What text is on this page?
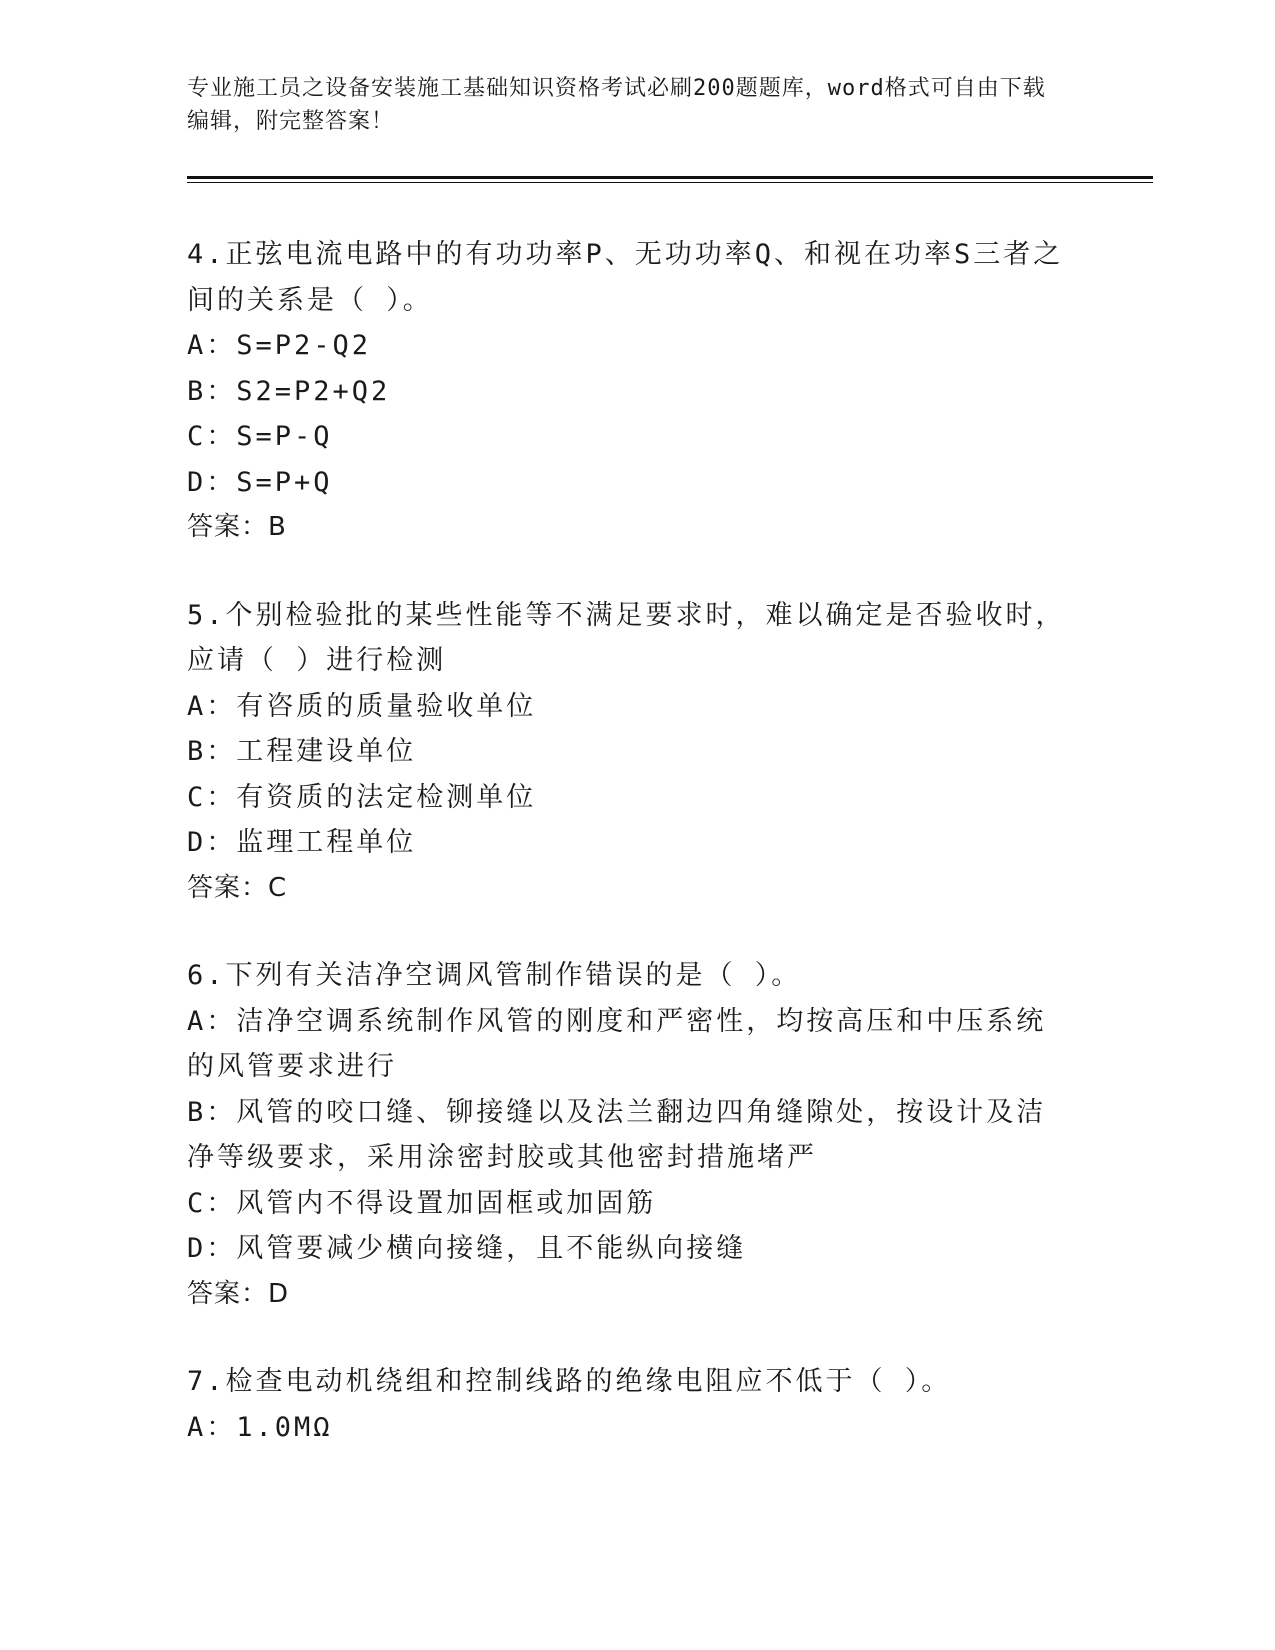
专业施工员之设备安装施工基础知识资格考试必刷200题题库，word格式可自由下载编辑，附完整答案！
4.正弦电流电路中的有功功率P、无功功率Q、和视在功率S三者之间的关系是（ ）。
A：S=P2-Q2
B：S2=P2+Q2
C：S=P-Q
D：S=P+Q
答案：B
5.个别检验批的某些性能等不满足要求时，难以确定是否验收时，应请（ ）进行检测
A：有咨质的质量验收单位
B：工程建设单位
C：有资质的法定检测单位
D：监理工程单位
答案：C
6.下列有关洁净空调风管制作错误的是（ ）。
A：洁净空调系统制作风管的刚度和严密性，均按高压和中压系统的风管要求进行
B：风管的咬口缝、铆接缝以及法兰翻边四角缝隙处，按设计及洁净等级要求，采用涂密封胶或其他密封措施堵严
C：风管内不得设置加固框或加固筋
D：风管要减少横向接缝，且不能纵向接缝
答案：D
7.检查电动机绕组和控制线路的绝缘电阻应不低于（ ）。
A：1.0MΩ
